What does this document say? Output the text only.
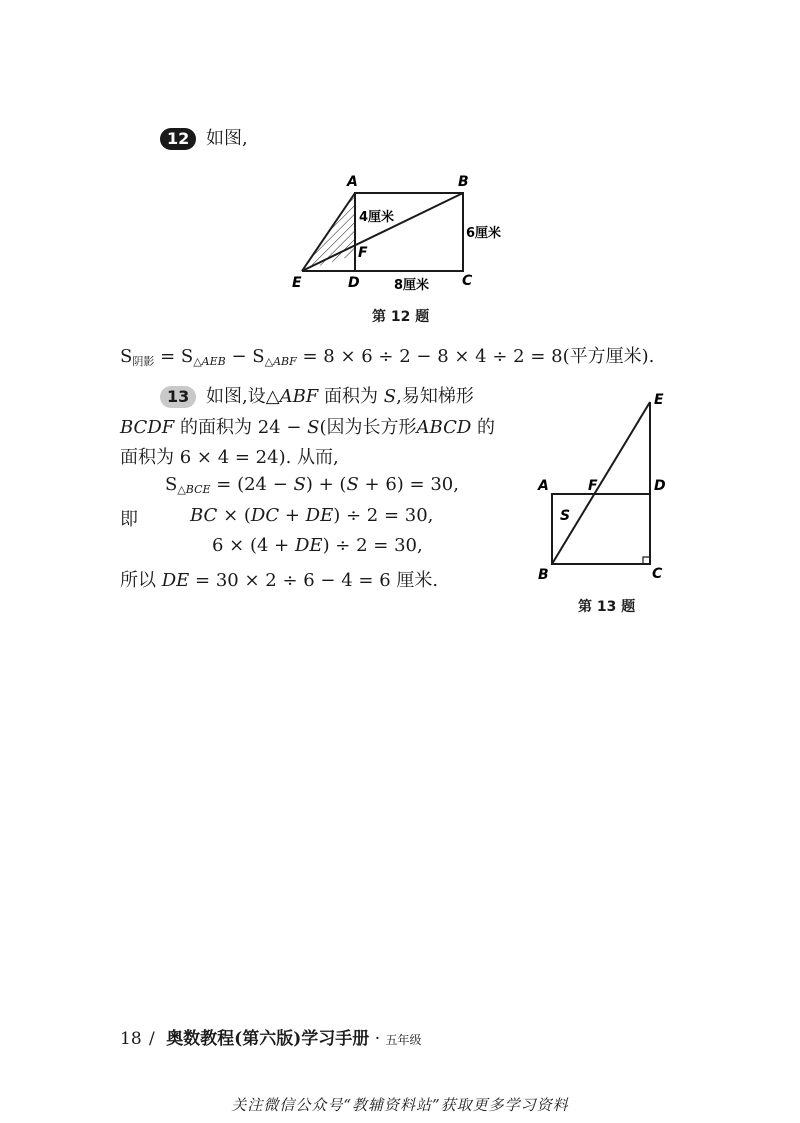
12 如图,
A	B
C
D
E
F
4厘米
6厘米
8厘米
第 12 题
$S_{阴影} = S_{\triangle AEB} - S_{\triangle ABF} = 8 \times 6 \div 2 - 8 \times 4 \div 2 = 8$(平方厘米).
13 如图,设△ABF 面积为 S,易知梯形
BCDF 的面积为 24 − S(因为长方形ABCD 的
面积为 6 × 4 = 24). 从而,
$S_{\triangle BCE} = (24 - S) + (S + 6) = 30$,
即	BC × (DC + DE) ÷ 2 = 30,
6 × (4 + DE) ÷ 2 = 30,
所以 DE = 30 × 2 ÷ 6 − 4 = 6 厘米.
E
A	F	D
S
B	C
第 13 题
18 / 奥数教程(第六版)学习手册 · 五年级
关注微信公众号“教辅资料站”获取更多学习资料
